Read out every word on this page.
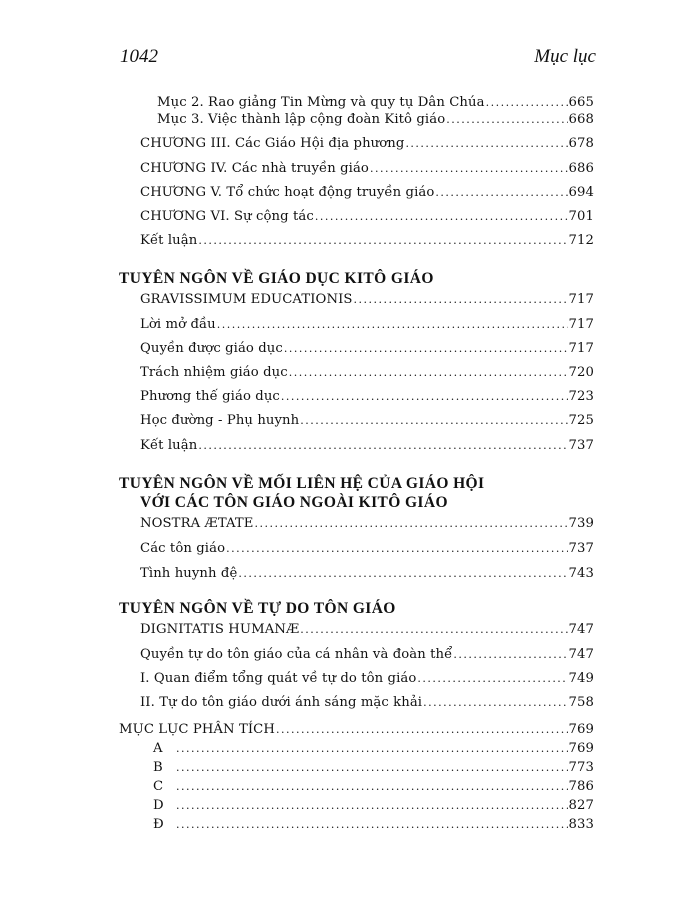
1042	Mục lục
Mục 2. Rao giảng Tin Mừng và quy tụ Dân Chúa .....	665
Mục 3. Việc thành lập cộng đoàn Kitô giáo .....	668
CHƯƠNG III. Các Giáo Hội địa phương .....	678
CHƯƠNG IV. Các nhà truyền giáo .....	686
CHƯƠNG V. Tổ chức hoạt động truyền giáo .....	694
CHƯƠNG VI. Sự cộng tác .....	701
Kết luận .....	712
TUYÊN NGÔN VỀ GIÁO DỤC KITÔ GIÁO
GRAVISSIMUM EDUCATIONIS .....	717
Lời mở đầu .....	717
Quyền được giáo dục .....	717
Trách nhiệm giáo dục .....	720
Phương thế giáo dục .....	723
Học đường - Phụ huynh .....	725
Kết luận .....	737
TUYÊN NGÔN VỀ MỐI LIÊN HỆ CỦA GIÁO HỘI
VỚI CÁC TÔN GIÁO NGOÀI KITÔ GIÁO
NOSTRA ÆTATE .....	739
Các tôn giáo .....	737
Tình huynh đệ .....	743
TUYÊN NGÔN VỀ TỰ DO TÔN GIÁO
DIGNITATIS HUMANÆ .....	747
Quyền tự do tôn giáo của cá nhân và đoàn thể .....	747
I. Quan điểm tổng quát về tự do tôn giáo .....	749
II. Tự do tôn giáo dưới ánh sáng mặc khải .....	758
MỤC LỤC PHÂN TÍCH .....	769
A .....	769
B .....	773
C .....	786
D .....	827
Đ .....	833
